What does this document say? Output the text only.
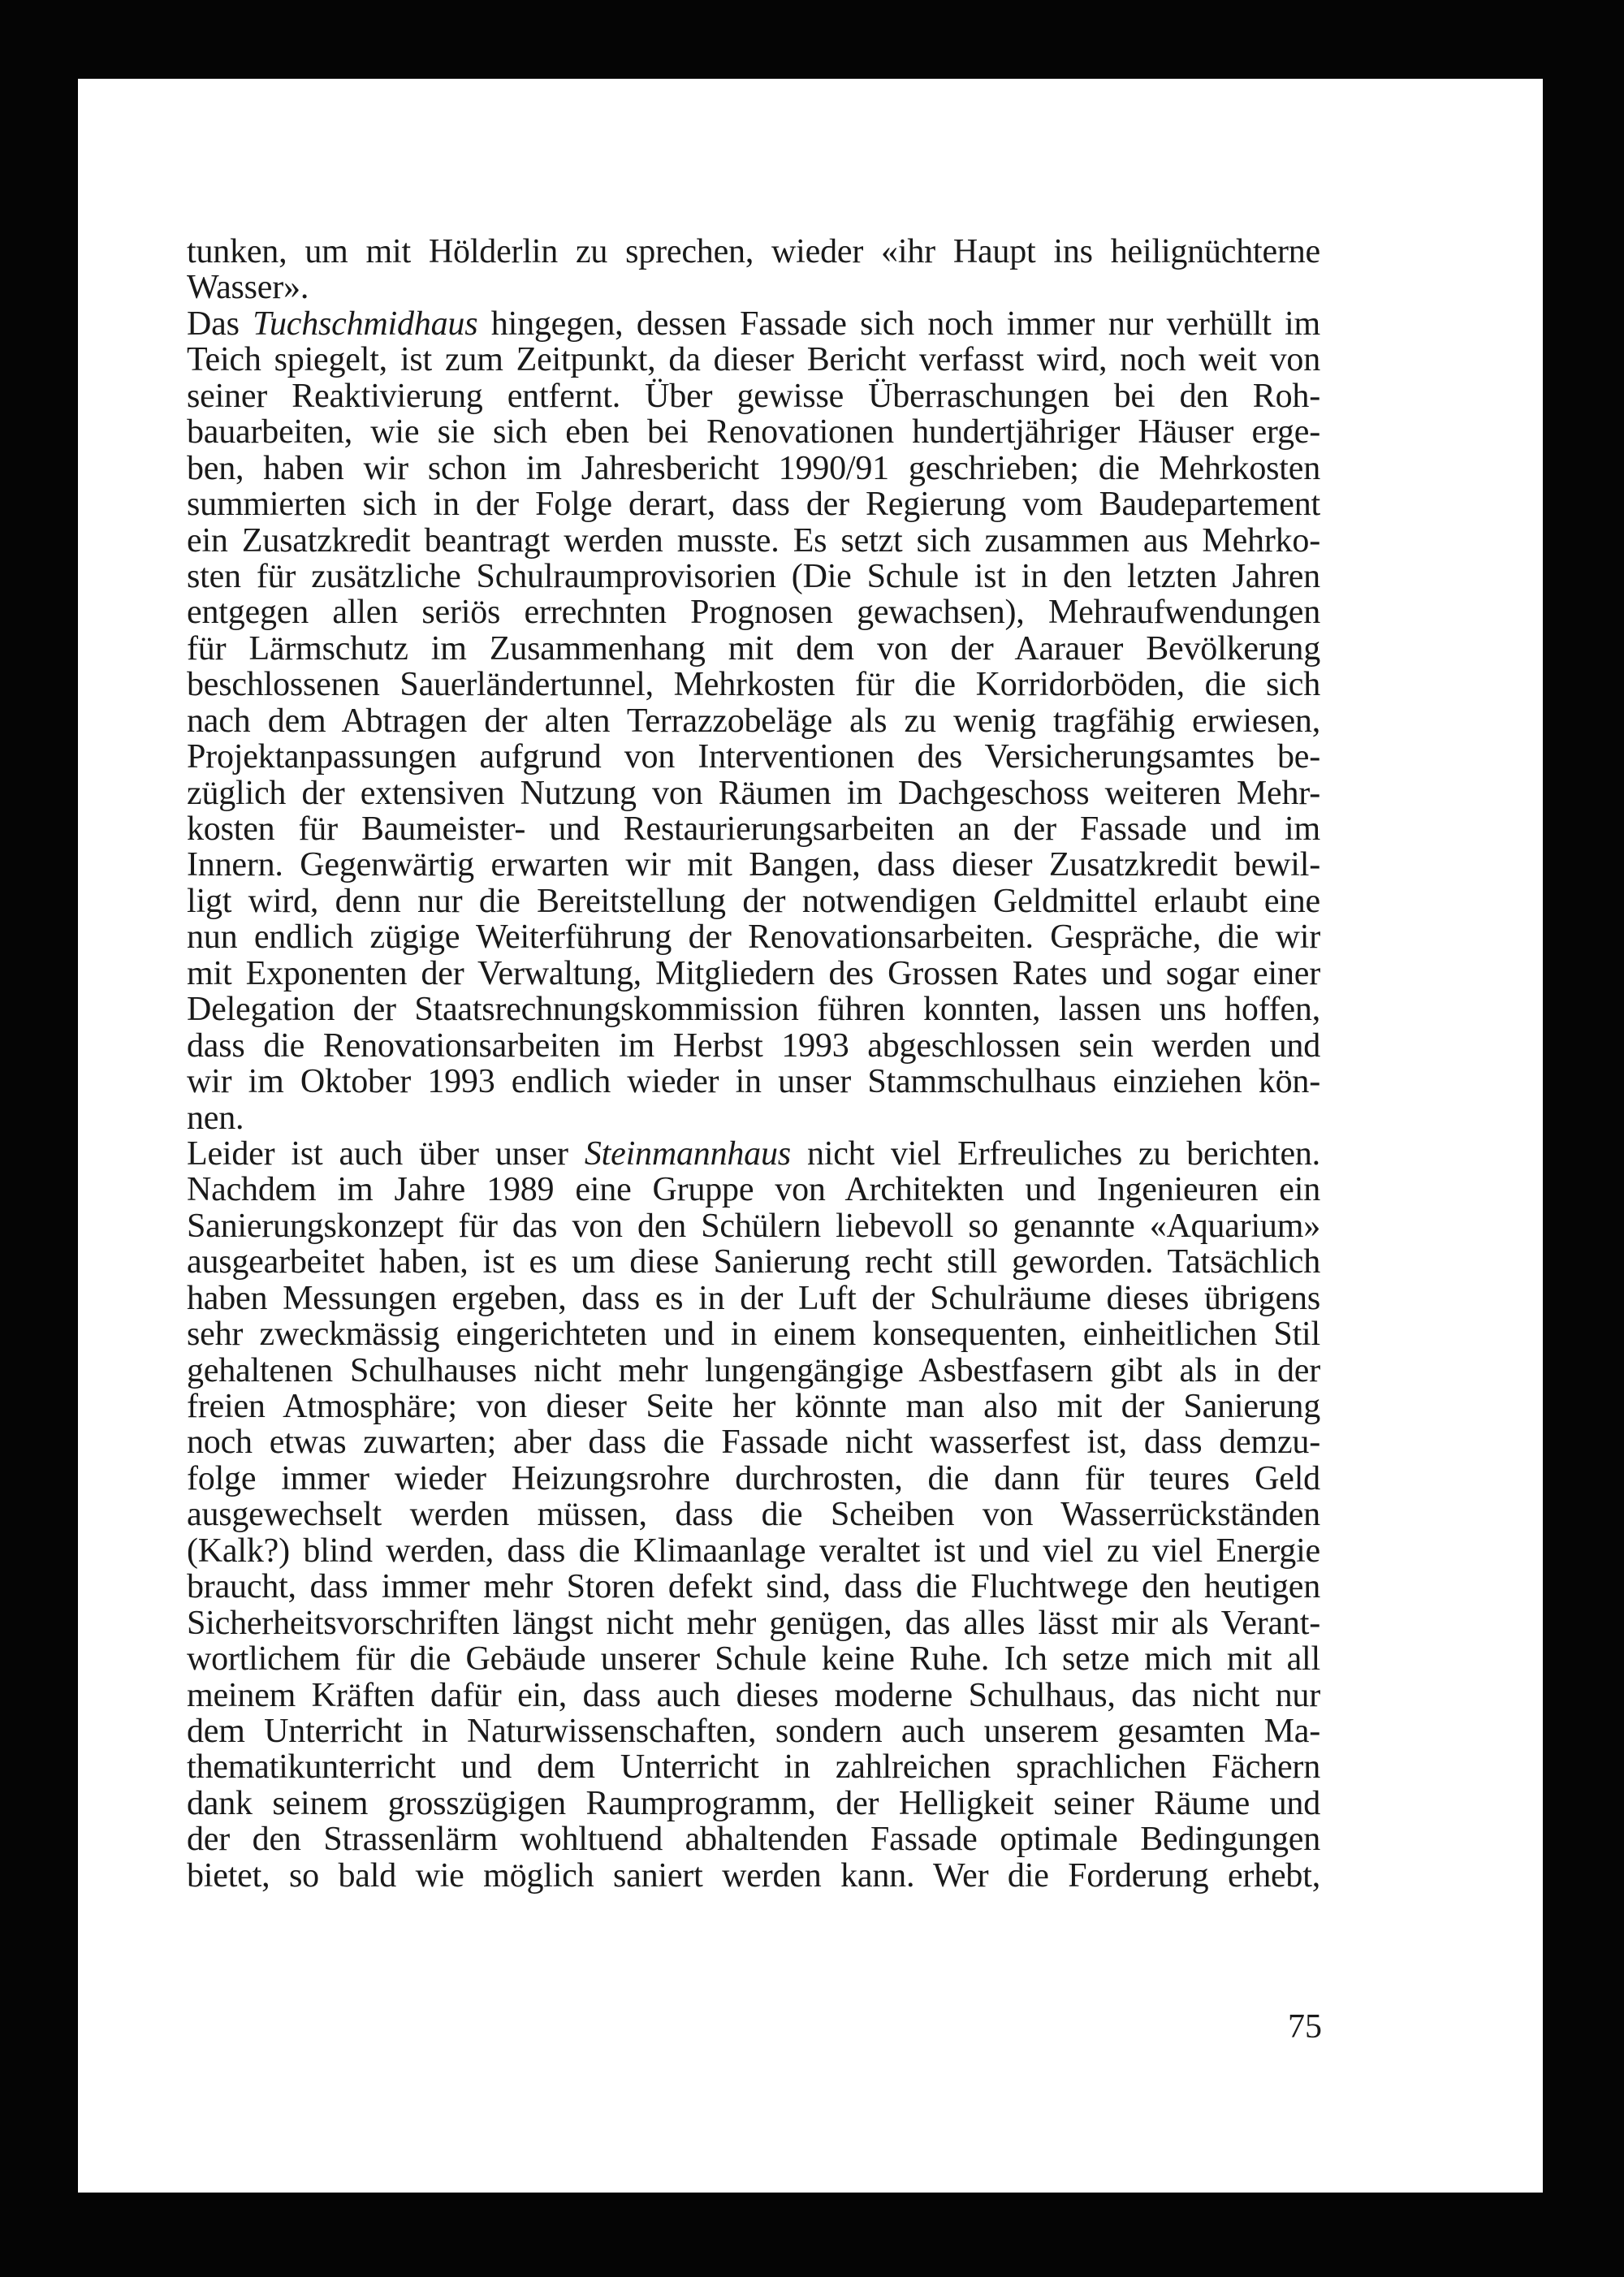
tunken, um mit Hölderlin zu sprechen, wieder «ihr Haupt ins heilignüchterne
Wasser».
Das Tuchschmidhaus hingegen, dessen Fassade sich noch immer nur verhüllt im
Teich spiegelt, ist zum Zeitpunkt, da dieser Bericht verfasst wird, noch weit von
seiner Reaktivierung entfernt. Über gewisse Überraschungen bei den Roh-
bauarbeiten, wie sie sich eben bei Renovationen hundertjähriger Häuser erge-
ben, haben wir schon im Jahresbericht 1990/91 geschrieben; die Mehrkosten
summierten sich in der Folge derart, dass der Regierung vom Baudepartement
ein Zusatzkredit beantragt werden musste. Es setzt sich zusammen aus Mehrko-
sten für zusätzliche Schulraumprovisorien (Die Schule ist in den letzten Jahren
entgegen allen seriös errechnten Prognosen gewachsen), Mehraufwendungen
für Lärmschutz im Zusammenhang mit dem von der Aarauer Bevölkerung
beschlossenen Sauerländertunnel, Mehrkosten für die Korridorböden, die sich
nach dem Abtragen der alten Terrazzobeläge als zu wenig tragfähig erwiesen,
Projektanpassungen aufgrund von Interventionen des Versicherungsamtes be-
züglich der extensiven Nutzung von Räumen im Dachgeschoss weiteren Mehr-
kosten für Baumeister- und Restaurierungsarbeiten an der Fassade und im
Innern. Gegenwärtig erwarten wir mit Bangen, dass dieser Zusatzkredit bewil-
ligt wird, denn nur die Bereitstellung der notwendigen Geldmittel erlaubt eine
nun endlich zügige Weiterführung der Renovationsarbeiten. Gespräche, die wir
mit Exponenten der Verwaltung, Mitgliedern des Grossen Rates und sogar einer
Delegation der Staatsrechnungskommission führen konnten, lassen uns hoffen,
dass die Renovationsarbeiten im Herbst 1993 abgeschlossen sein werden und
wir im Oktober 1993 endlich wieder in unser Stammschulhaus einziehen kön-
nen.
Leider ist auch über unser Steinmannhaus nicht viel Erfreuliches zu berichten.
Nachdem im Jahre 1989 eine Gruppe von Architekten und Ingenieuren ein
Sanierungskonzept für das von den Schülern liebevoll so genannte «Aquarium»
ausgearbeitet haben, ist es um diese Sanierung recht still geworden. Tatsächlich
haben Messungen ergeben, dass es in der Luft der Schulräume dieses übrigens
sehr zweckmässig eingerichteten und in einem konsequenten, einheitlichen Stil
gehaltenen Schulhauses nicht mehr lungengängige Asbestfasern gibt als in der
freien Atmosphäre; von dieser Seite her könnte man also mit der Sanierung
noch etwas zuwarten; aber dass die Fassade nicht wasserfest ist, dass demzu-
folge immer wieder Heizungsrohre durchrosten, die dann für teures Geld
ausgewechselt werden müssen, dass die Scheiben von Wasserrückständen
(Kalk?) blind werden, dass die Klimaanlage veraltet ist und viel zu viel Energie
braucht, dass immer mehr Storen defekt sind, dass die Fluchtwege den heutigen
Sicherheitsvorschriften längst nicht mehr genügen, das alles lässt mir als Verant-
wortlichem für die Gebäude unserer Schule keine Ruhe. Ich setze mich mit all
meinem Kräften dafür ein, dass auch dieses moderne Schulhaus, das nicht nur
dem Unterricht in Naturwissenschaften, sondern auch unserem gesamten Ma-
thematikunterricht und dem Unterricht in zahlreichen sprachlichen Fächern
dank seinem grosszügigen Raumprogramm, der Helligkeit seiner Räume und
der den Strassenlärm wohltuend abhaltenden Fassade optimale Bedingungen
bietet, so bald wie möglich saniert werden kann. Wer die Forderung erhebt,
75
